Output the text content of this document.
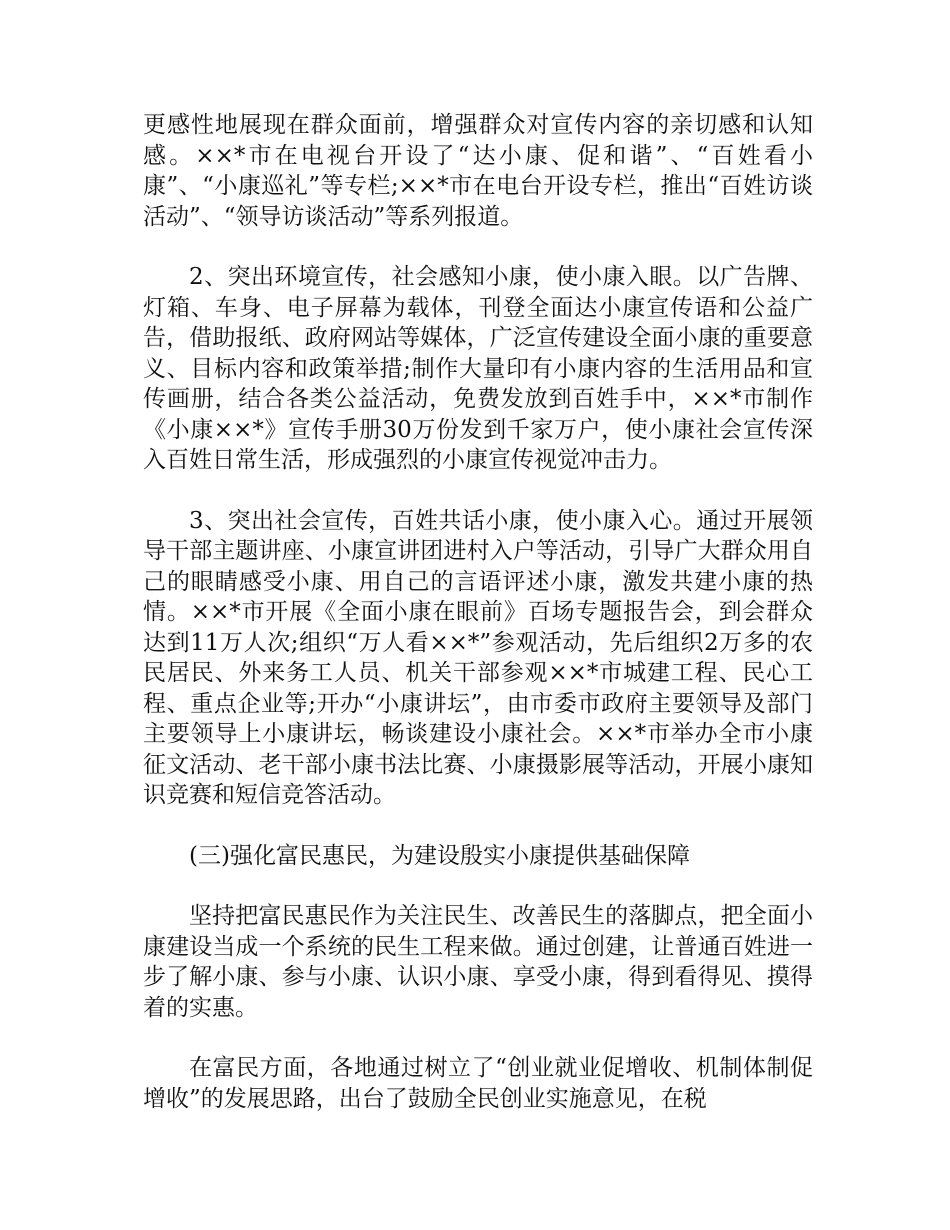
更感性地展现在群众面前，增强群众对宣传内容的亲切感和认知感。××*市在电视台开设了“达小康、促和谐”、“百姓看小康”、“小康巡礼”等专栏;××*市在电台开设专栏，推出“百姓访谈活动”、“领导访谈活动”等系列报道。

2、突出环境宣传，社会感知小康，使小康入眼。以广告牌、灯箱、车身、电子屏幕为载体，刊登全面达小康宣传语和公益广告，借助报纸、政府网站等媒体，广泛宣传建设全面小康的重要意义、目标内容和政策举措;制作大量印有小康内容的生活用品和宣传画册，结合各类公益活动，免费发放到百姓手中，××*市制作《小康××*》宣传手册30万份发到千家万户，使小康社会宣传深入百姓日常生活，形成强烈的小康宣传视觉冲击力。

3、突出社会宣传，百姓共话小康，使小康入心。通过开展领导干部主题讲座、小康宣讲团进村入户等活动，引导广大群众用自己的眼睛感受小康、用自己的言语评述小康，激发共建小康的热情。××*市开展《全面小康在眼前》百场专题报告会，到会群众达到11万人次;组织“万人看××*”参观活动，先后组织2万多的农民居民、外来务工人员、机关干部参观××*市城建工程、民心工程、重点企业等;开办“小康讲坛”，由市委市政府主要领导及部门主要领导上小康讲坛，畅谈建设小康社会。××*市举办全市小康征文活动、老干部小康书法比赛、小康摄影展等活动，开展小康知识竞赛和短信竞答活动。

(三)强化富民惠民，为建设殷实小康提供基础保障

坚持把富民惠民作为关注民生、改善民生的落脚点，把全面小康建设当成一个系统的民生工程来做。通过创建，让普通百姓进一步了解小康、参与小康、认识小康、享受小康，得到看得见、摸得着的实惠。

在富民方面，各地通过树立了“创业就业促增收、机制体制促增收”的发展思路，出台了鼓励全民创业实施意见，在税
